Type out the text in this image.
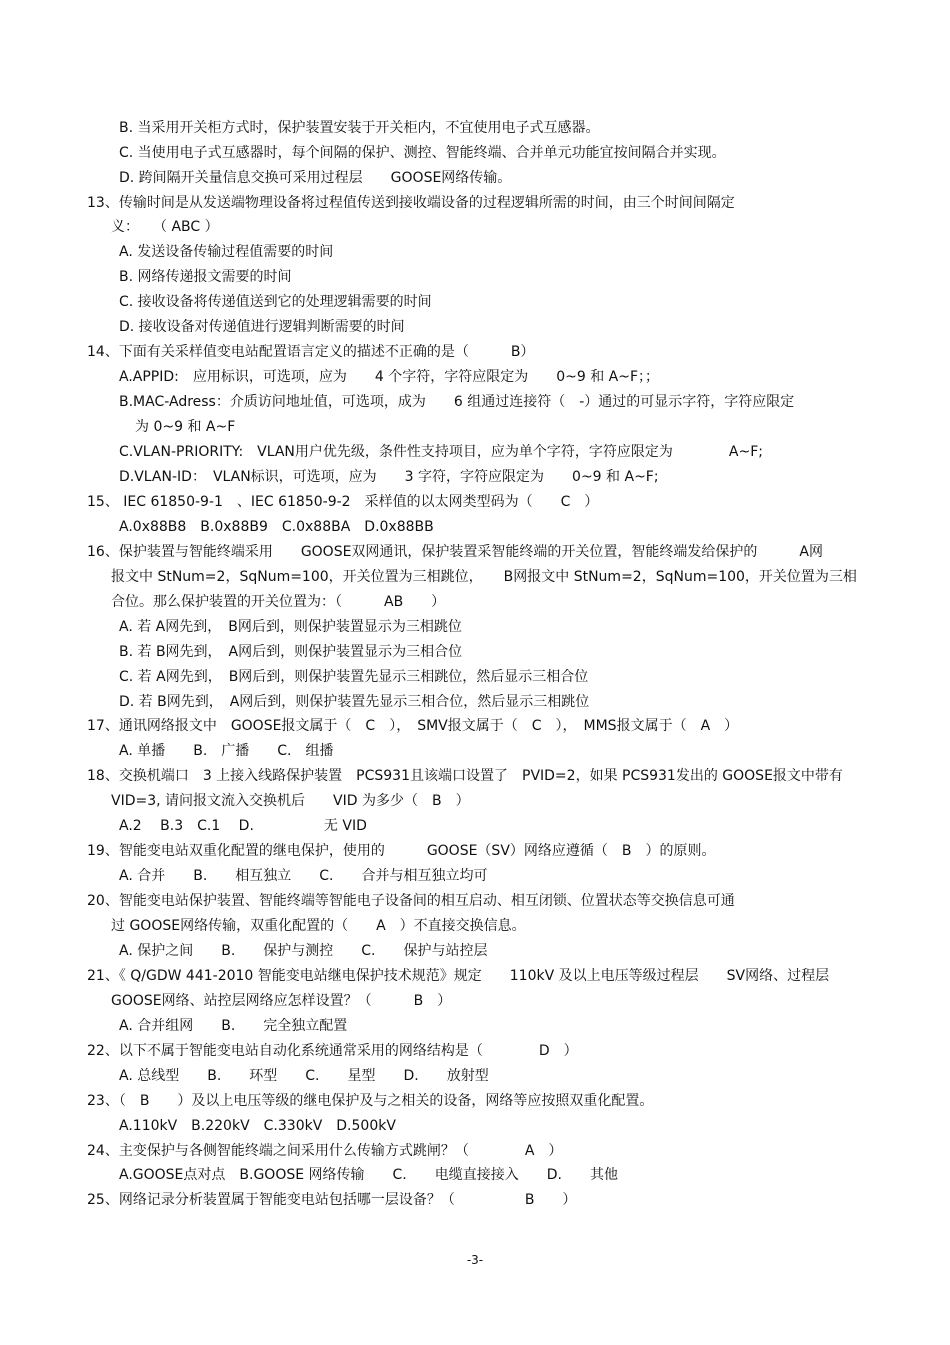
B. 当采用开关柜方式时，保护装置安装于开关柜内，不宜使用电子式互感器。
C. 当使用电子式互感器时，每个间隔的保护、测控、智能终端、合并单元功能宜按间隔合并实现。
D. 跨间隔开关量信息交换可采用过程层　　GOOSE网络传输。
13、传输时间是从发送端物理设备将过程值传送到接收端设备的过程逻辑所需的时间，由三个时间间隔定
义：　　（ ABC ）
A. 发送设备传输过程值需要的时间
B. 网络传递报文需要的时间
C. 接收设备将传递值送到它的处理逻辑需要的时间
D. 接收设备对传递值进行逻辑判断需要的时间
14、下面有关采样值变电站配置语言定义的描述不正确的是（　　　B）
A.APPID:　应用标识，可选项，应为　　4 个字符，字符应限定为　　0~9 和 A~F；；
B.MAC-Adress：介质访问地址值，可选项，成为　　6 组通过连接符（　-）通过的可显示字符，字符应限定
为 0~9 和 A~F
C.VLAN-PRIORITY:　VLAN用户优先级，条件性支持项目，应为单个字符，字符应限定为　　　　A~F;
D.VLAN-ID：　VLAN标识，可选项，应为　　3 字符，字符应限定为　　0~9 和 A~F;
15、 IEC 61850-9-1　、IEC 61850-9-2　采样值的以太网类型码为（　　C　）
A.0x88B8　B.0x88B9　C.0x88BA　D.0x88BB
16、保护装置与智能终端采用　　GOOSE双网通讯，保护装置采智能终端的开关位置，智能终端发给保护的　　　A网
报文中 StNum=2，SqNum=100，开关位置为三相跳位，　　B网报文中 StNum=2，SqNum=100，开关位置为三相
合位。那么保护装置的开关位置为：（　　　AB　　）
A. 若 A网先到，　B网后到，则保护装置显示为三相跳位
B. 若 B网先到，　A网后到，则保护装置显示为三相合位
C. 若 A网先到，　B网后到，则保护装置先显示三相跳位，然后显示三相合位
D. 若 B网先到，　A网后到，则保护装置先显示三相合位，然后显示三相跳位
17、通讯网络报文中　GOOSE报文属于（　C　），　SMV报文属于（　C　），　MMS报文属于（　A　）
A. 单播　　B.　广播　　C.　组播
18、交换机端口　3 上接入线路保护装置　PCS931且该端口设置了　PVID=2，如果 PCS931发出的 GOOSE报文中带有
VID=3, 请问报文流入交换机后　　VID 为多少（　B　）
A.2　 B.3　C.1　 D.　　　　　无 VID
19、智能变电站双重化配置的继电保护，使用的　　　GOOSE（SV）网络应遵循（　B　）的原则。
A. 合并　　B.　　相互独立　　C.　　合并与相互独立均可
20、智能变电站保护装置、智能终端等智能电子设备间的相互启动、相互闭锁、位置状态等交换信息可通
过 GOOSE网络传输，双重化配置的（　　A　）不直接交换信息。
A. 保护之间　　B.　　保护与测控　　C.　　保护与站控层
21、《 Q/GDW 441-2010 智能变电站继电保护技术规范》规定　　110kV 及以上电压等级过程层　　SV网络、过程层
GOOSE网络、站控层网络应怎样设置？（　　　B　）
A. 合并组网　　B.　　完全独立配置
22、以下不属于智能变电站自动化系统通常采用的网络结构是（　　　　D　）
A. 总线型　　B.　　环型　　C.　　星型　　D.　　放射型
23、（　B　　）及以上电压等级的继电保护及与之相关的设备，网络等应按照双重化配置。
A.110kV　B.220kV　C.330kV　D.500kV
24、主变保护与各侧智能终端之间采用什么传输方式跳闸？（　　　　A　）
A.GOOSE点对点　B.GOOSE 网络传输　　C.　　电缆直接接入　　D.　　其他
25、网络记录分析装置属于智能变电站包括哪一层设备？（　　　　　B　　）
-3-
